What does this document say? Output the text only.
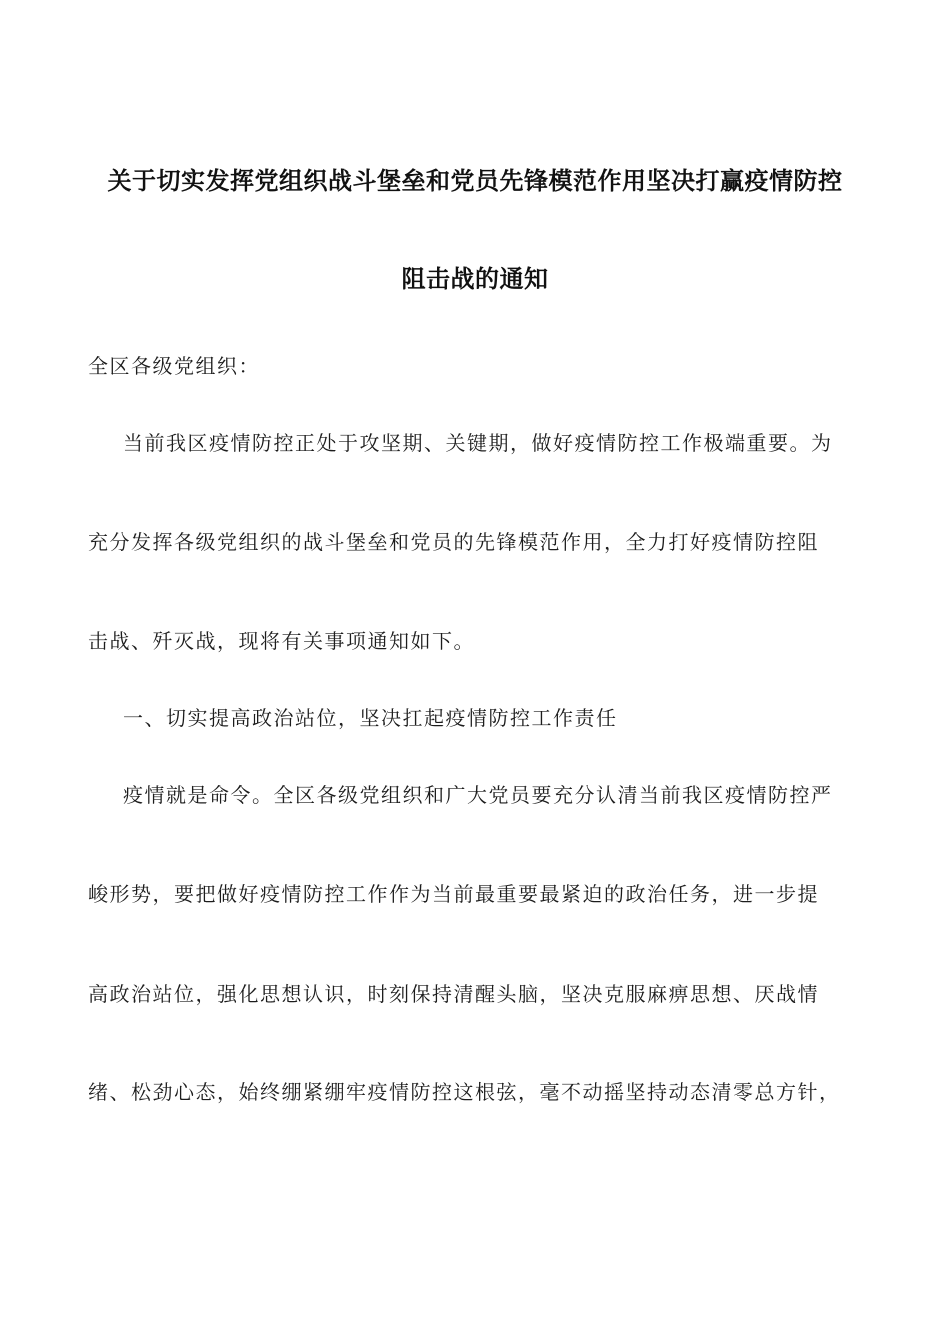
关于切实发挥党组织战斗堡垒和党员先锋模范作用坚决打赢疫情防控
阻击战的通知
全区各级党组织：
当前我区疫情防控正处于攻坚期、关键期，做好疫情防控工作极端重要。为
充分发挥各级党组织的战斗堡垒和党员的先锋模范作用，全力打好疫情防控阻
击战、歼灭战，现将有关事项通知如下。
一、切实提高政治站位，坚决扛起疫情防控工作责任
疫情就是命令。全区各级党组织和广大党员要充分认清当前我区疫情防控严
峻形势，要把做好疫情防控工作作为当前最重要最紧迫的政治任务，进一步提
高政治站位，强化思想认识，时刻保持清醒头脑，坚决克服麻痹思想、厌战情
绪、松劲心态，始终绷紧绷牢疫情防控这根弦，毫不动摇坚持动态清零总方针，
